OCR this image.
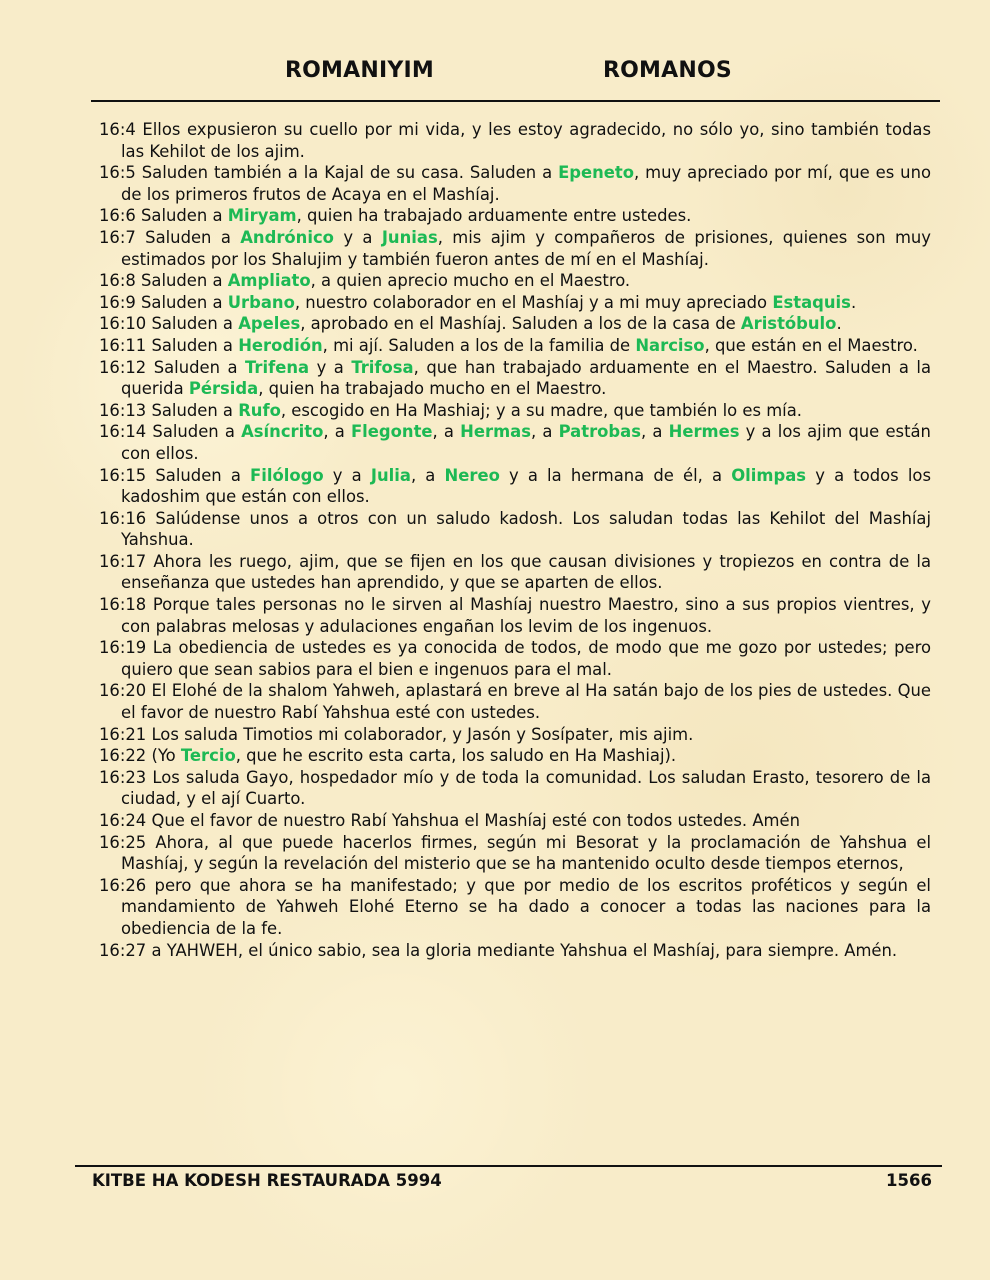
ROMANIYIM	ROMANOS
16:4 Ellos expusieron su cuello por mi vida, y les estoy agradecido, no sólo yo, sino también todas las Kehilot de los ajim.
16:5 Saluden también a la Kajal de su casa. Saluden a Epeneto, muy apreciado por mí, que es uno de los primeros frutos de Acaya en el Mashíaj.
16:6 Saluden a Miryam, quien ha trabajado arduamente entre ustedes.
16:7 Saluden a Andrónico y a Junias, mis ajim y compañeros de prisiones, quienes son muy estimados por los Shalujim y también fueron antes de mí en el Mashíaj.
16:8 Saluden a Ampliato, a quien aprecio mucho en el Maestro.
16:9 Saluden a Urbano, nuestro colaborador en el Mashíaj y a mi muy apreciado Estaquis.
16:10 Saluden a Apeles, aprobado en el Mashíaj. Saluden a los de la casa de Aristóbulo.
16:11 Saluden a Herodión, mi ají. Saluden a los de la familia de Narciso, que están en el Maestro.
16:12 Saluden a Trifena y a Trifosa, que han trabajado arduamente en el Maestro. Saluden a la querida Pérsida, quien ha trabajado mucho en el Maestro.
16:13 Saluden a Rufo, escogido en Ha Mashiaj; y a su madre, que también lo es mía.
16:14 Saluden a Asíncrito, a Flegonte, a Hermas, a Patrobas, a Hermes y a los ajim que están con ellos.
16:15 Saluden a Filólogo y a Julia, a Nereo y a la hermana de él, a Olimpas y a todos los kadoshim que están con ellos.
16:16 Salúdense unos a otros con un saludo kadosh. Los saludan todas las Kehilot del Mashíaj Yahshua.
16:17 Ahora les ruego, ajim, que se fijen en los que causan divisiones y tropiezos en contra de la enseñanza que ustedes han aprendido, y que se aparten de ellos.
16:18 Porque tales personas no le sirven al Mashíaj nuestro Maestro, sino a sus propios vientres, y con palabras melosas y adulaciones engañan los levim de los ingenuos.
16:19 La obediencia de ustedes es ya conocida de todos, de modo que me gozo por ustedes; pero quiero que sean sabios para el bien e ingenuos para el mal.
16:20 El Elohé de la shalom Yahweh, aplastará en breve al Ha satán bajo de los pies de ustedes. Que el favor de nuestro Rabí Yahshua esté con ustedes.
16:21 Los saluda Timotios mi colaborador, y Jasón y Sosípater, mis ajim.
16:22 (Yo Tercio, que he escrito esta carta, los saludo en Ha Mashiaj).
16:23 Los saluda Gayo, hospedador mío y de toda la comunidad. Los saludan Erasto, tesorero de la ciudad, y el ají Cuarto.
16:24 Que el favor de nuestro Rabí Yahshua el Mashíaj esté con todos ustedes. Amén
16:25 Ahora, al que puede hacerlos firmes, según mi Besorat y la proclamación de Yahshua el Mashíaj, y según la revelación del misterio que se ha mantenido oculto desde tiempos eternos,
16:26 pero que ahora se ha manifestado; y que por medio de los escritos proféticos y según el mandamiento de Yahweh Elohé Eterno se ha dado a conocer a todas las naciones para la obediencia de la fe.
16:27 a YAHWEH, el único sabio, sea la gloria mediante Yahshua el Mashíaj, para siempre. Amén.
KITBE HA KODESH RESTAURADA 5994	1566
